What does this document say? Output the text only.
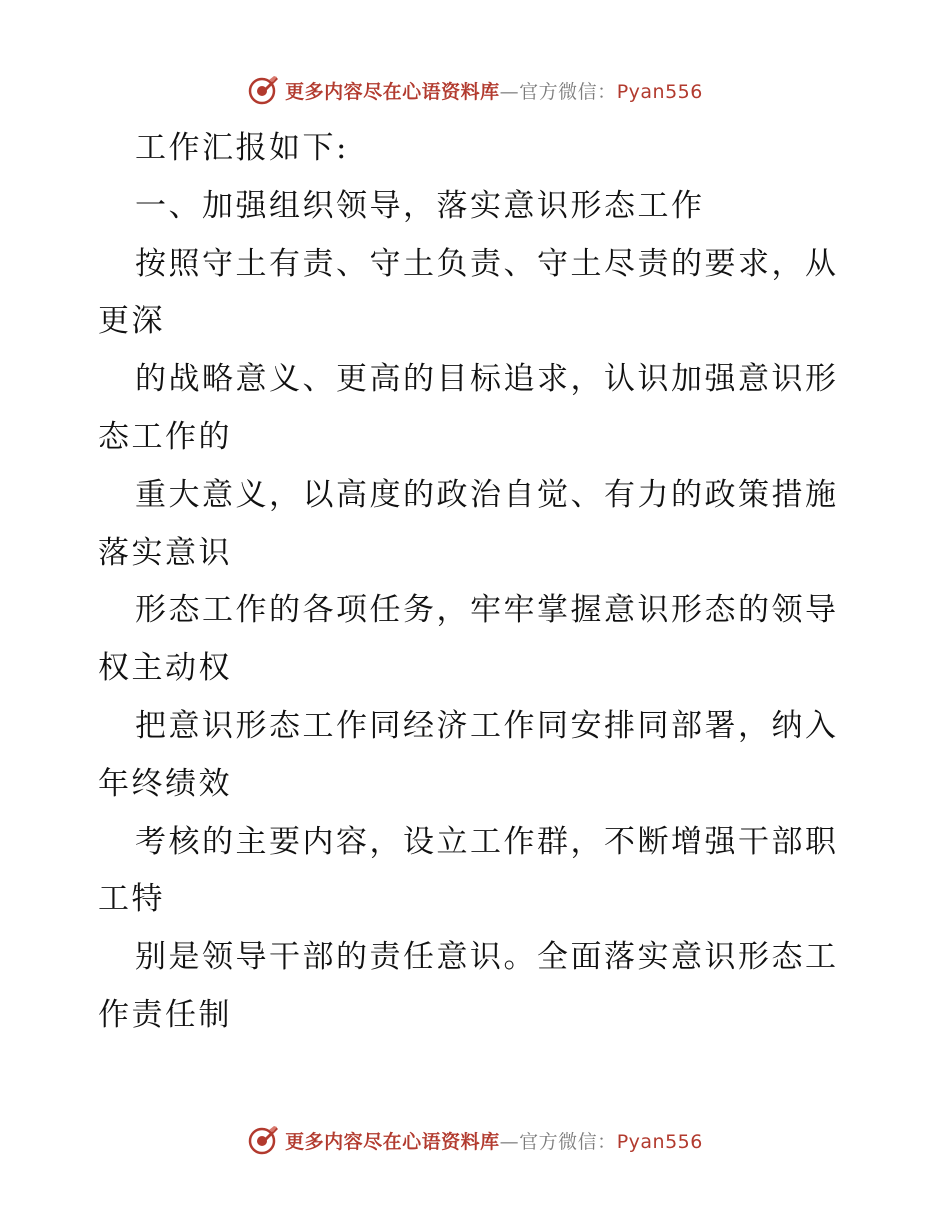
更多内容尽在心语资料库—官方微信：Pyan556
工作汇报如下:
一、加强组织领导，落实意识形态工作
按照守土有责、守土负责、守土尽责的要求，从
更深
的战略意义、更高的目标追求，认识加强意识形
态工作的
重大意义，以高度的政治自觉、有力的政策措施
落实意识
形态工作的各项任务，牢牢掌握意识形态的领导
权主动权
把意识形态工作同经济工作同安排同部署，纳入
年终绩效
考核的主要内容，设立工作群，不断增强干部职
工特
别是领导干部的责任意识。全面落实意识形态工
作责任制
更多内容尽在心语资料库—官方微信：Pyan556
